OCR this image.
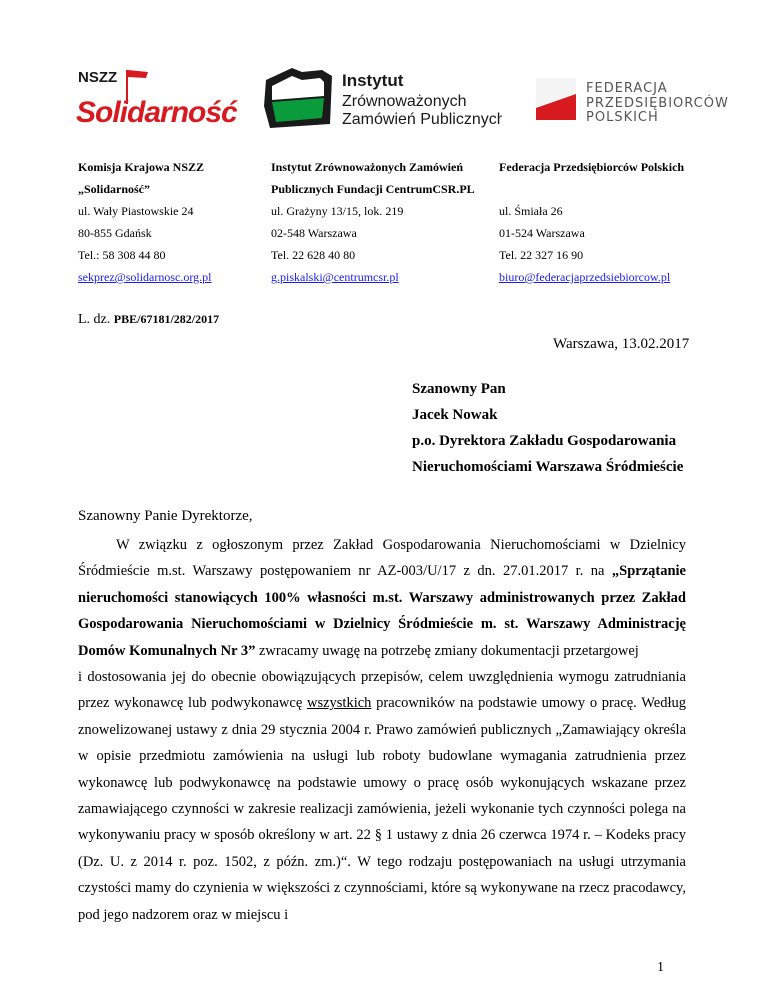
NSZZ
Solidarność
Instytut
Zrównoważonych
Zamówień Publicznych
FEDERACJA
PRZEDSIĘBIORCÓW
POLSKICH
Komisja Krajowa NSZZ
„Solidarność”
ul. Wały Piastowskie 24
80-855 Gdańsk
Tel.: 58 308 44 80
sekprez@solidarnosc.org.pl
Instytut Zrównoważonych Zamówień
Publicznych Fundacji CentrumCSR.PL
ul. Grażyny 13/15, lok. 219
02-548 Warszawa
Tel. 22 628 40 80
g.piskalski@centrumcsr.pl
Federacja Przedsiębiorców Polskich
ul. Śmiała 26
01-524 Warszawa
Tel. 22 327 16 90
biuro@federacjaprzedsiebiorcow.pl
L. dz. PBE/67181/282/2017
Warszawa, 13.02.2017
Szanowny Pan
Jacek Nowak
p.o. Dyrektora Zakładu Gospodarowania
Nieruchomościami Warszawa Śródmieście
Szanowny Panie Dyrektorze,

W związku z ogłoszonym przez Zakład Gospodarowania Nieruchomościami w Dzielnicy Śródmieście m.st. Warszawy postępowaniem nr AZ-003/U/17 z dn. 27.01.2017 r. na „Sprzątanie nieruchomości stanowiących 100% własności m.st. Warszawy administrowanych przez Zakład Gospodarowania Nieruchomościami w Dzielnicy Śródmieście m. st. Warszawy Administrację Domów Komunalnych Nr 3” zwracamy uwagę na potrzebę zmiany dokumentacji przetargowej

i dostosowania jej do obecnie obowiązujących przepisów, celem uwzględnienia wymogu zatrudniania przez wykonawcę lub podwykonawcę wszystkich pracowników na podstawie umowy o pracę. Według znowelizowanej ustawy z dnia 29 stycznia 2004 r. Prawo zamówień publicznych „Zamawiający określa w opisie przedmiotu zamówienia na usługi lub roboty budowlane wymagania zatrudnienia przez wykonawcę lub podwykonawcę na podstawie umowy o pracę osób wykonujących wskazane przez zamawiającego czynności w zakresie realizacji zamówienia, jeżeli wykonanie tych czynności polega na wykonywaniu pracy w sposób określony w art. 22 § 1 ustawy z dnia 26 czerwca 1974 r. – Kodeks pracy (Dz. U. z 2014 r. poz. 1502, z późn. zm.)“. W tego rodzaju postępowaniach na usługi utrzymania czystości mamy do czynienia w większości z czynnościami, które są wykonywane na rzecz pracodawcy, pod jego nadzorem oraz w miejscu i

1
